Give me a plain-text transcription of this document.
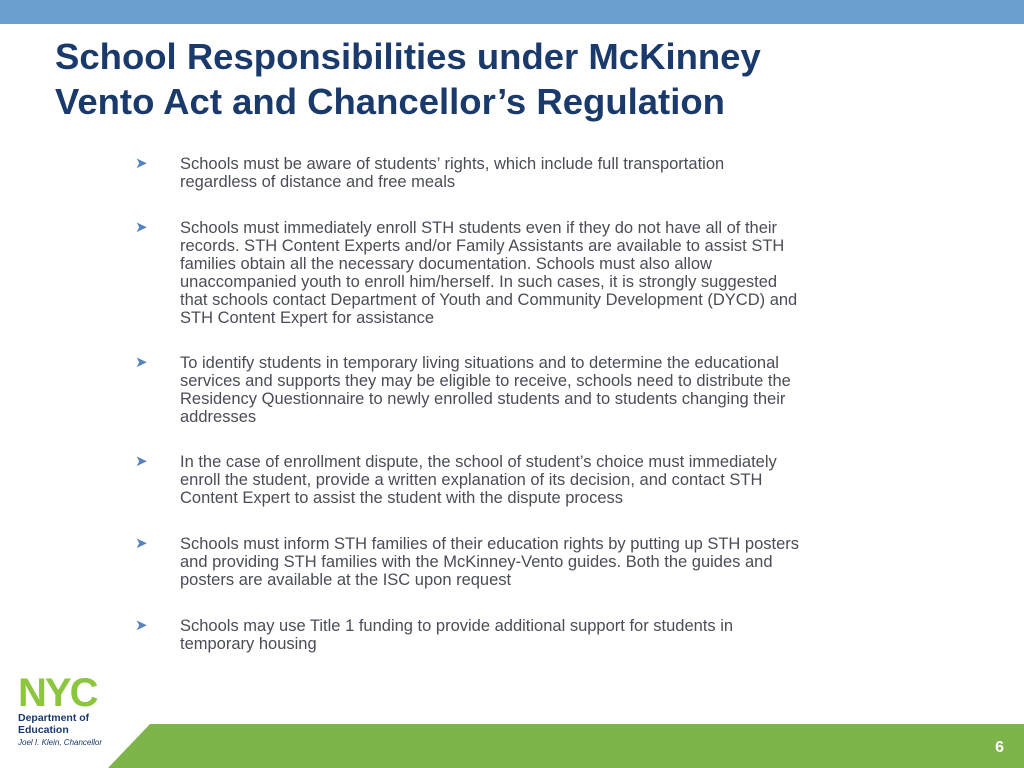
School Responsibilities under McKinney
Vento Act and Chancellor’s Regulation
➤	Schools must be aware of students’ rights, which include full transportation
regardless of distance and free meals
➤	Schools must immediately enroll STH students even if they do not have all of their
records. STH Content Experts and/or Family Assistants are available to assist STH
families obtain all the necessary documentation. Schools must also allow
unaccompanied youth to enroll him/herself. In such cases, it is strongly suggested
that schools contact Department of Youth and Community Development (DYCD) and
STH Content Expert for assistance
➤	To identify students in temporary living situations and to determine the educational
services and supports they may be eligible to receive, schools need to distribute the
Residency Questionnaire to newly enrolled students and to students changing their
addresses
➤	In the case of enrollment dispute, the school of student’s choice must immediately
enroll the student, provide a written explanation of its decision, and contact STH
Content Expert to assist the student with the dispute process
➤	Schools must inform STH families of their education rights by putting up STH posters
and providing STH families with the McKinney-Vento guides. Both the guides and
posters are available at the ISC upon request
➤	Schools may use Title 1 funding to provide additional support for students in
temporary housing
NYC
Department of
Education
Joel I. Klein, Chancellor	6
